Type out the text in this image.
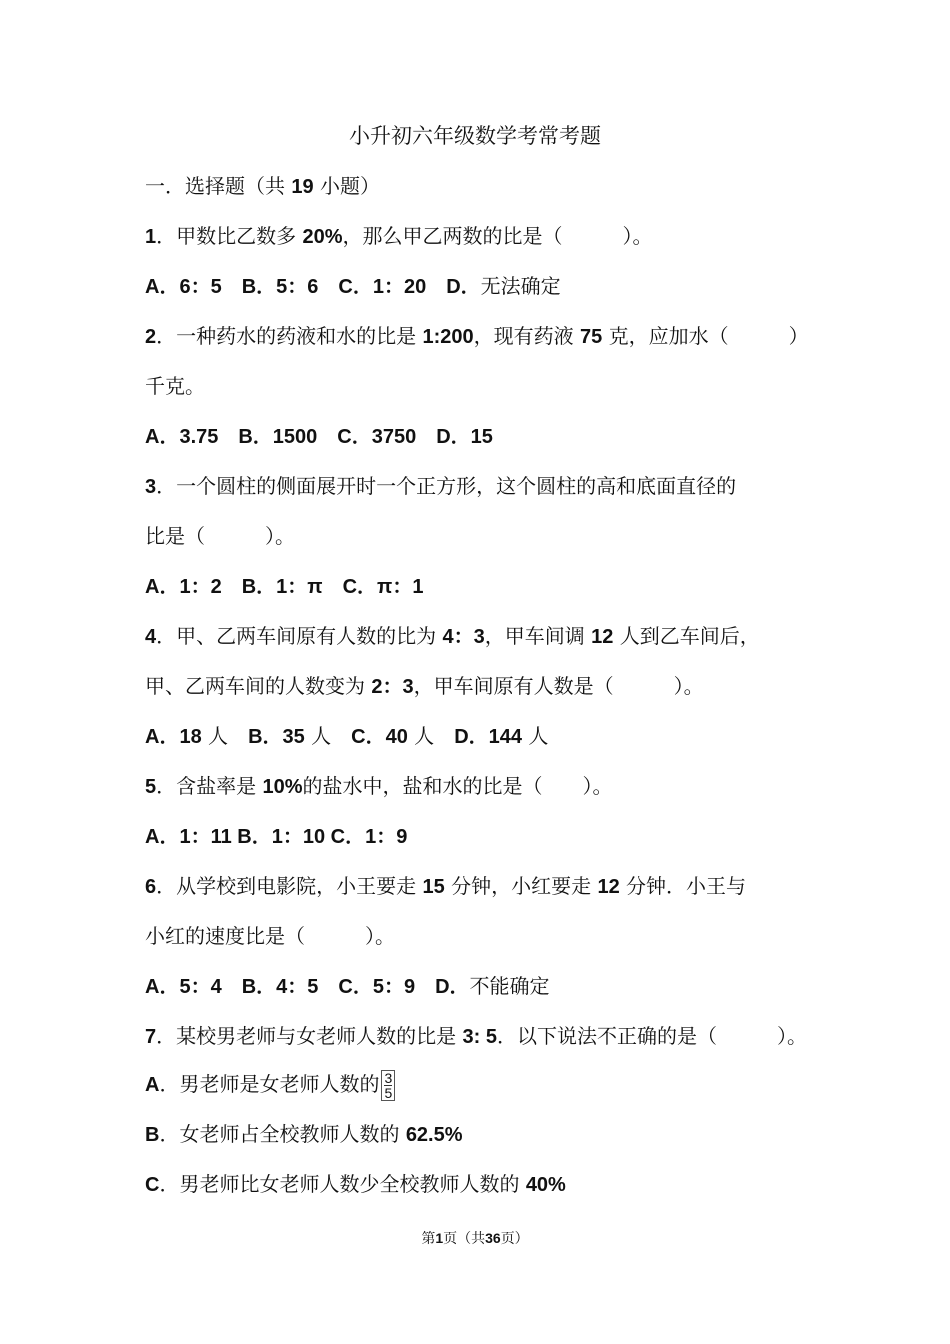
小升初六年级数学考常考题
一．选择题（共 19 小题）
1．甲数比乙数多 20%，那么甲乙两数的比是（　　　）。
A．6：5　B．5：6　C．1：20　D．无法确定
2．一种药水的药液和水的比是 1:200，现有药液 75 克，应加水（　　　）
千克。
A．3.75　B．1500　C．3750　D．15
3．一个圆柱的侧面展开时一个正方形，这个圆柱的高和底面直径的
比是（　　　）。
A．1：2　B．1：π　C．π：1
4．甲、乙两车间原有人数的比为 4：3，甲车间调 12 人到乙车间后，
甲、乙两车间的人数变为 2：3，甲车间原有人数是（　　　）。
A．18 人　B．35 人　C．40 人　D．144 人
5．含盐率是 10%的盐水中，盐和水的比是（　　）。
A．1：11 B．1：10 C．1：9
6．从学校到电影院，小王要走 15 分钟，小红要走 12 分钟．小王与
小红的速度比是（　　　）。
A．5：4　B．4：5　C．5：9　D．不能确定
7．某校男老师与女老师人数的比是 3: 5．以下说法不正确的是（　　　）。
A．男老师是女老师人数的 $\frac{3}{5}$
B．女老师占全校教师人数的 62.5%
C．男老师比女老师人数少全校教师人数的 40%
第1页（共36页）
